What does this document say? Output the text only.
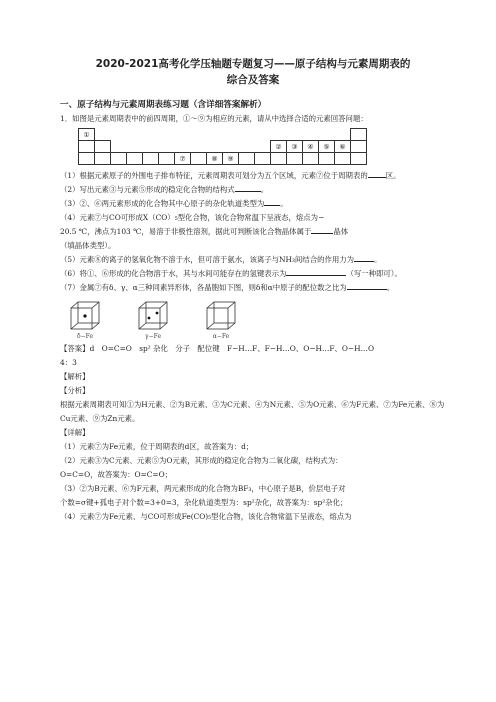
2020-2021高考化学压轴题专题复习——原子结构与元素周期表的
综合及答案
一、原子结构与元素周期表练习题（含详细答案解析）

1．如图是元素周期表中的前四周期，①～⑨为相应的元素，请从中选择合适的元素回答问题：

①																	
												②	③	④	⑤	⑥	
						⑦		⑧	⑨								

（1）根据元素原子的外围电子排布特征，元素周期表可划分为五个区域，元素⑦位于周期表的 区。

（2）写出元素③与元素⑤形成的稳定化合物的结构式	。

（3）②、⑥两元素形成的化合物其中心原子的杂化轨道类型为 。

（4）元素⑦与CO可形成X（CO）₅型化合物，该化合物常温下呈液态，熔点为−

20.5 ℃，沸点为103 ℃，易溶于非极性溶剂，据此可判断该化合物晶体属于	晶体

（填晶体类型）。

（5）元素⑧的离子的氢氧化物不溶于水，但可溶于氨水，该离子与NH₃间结合的作用力为	。

（6）将①、⑥形成的化合物溶于水，其与水间可能存在的氢键表示为	（写一种即可）。

（7）金属⑦有δ、γ、α三种同素异形体，各晶胞如下图，则δ和α中原子的配位数之比为	。

δ−Fe	γ−Fe	α−Fe

【答案】d　O=C=O　sp² 杂化　分子　配位键　F−H…F、F−H…O、O−H…F、O−H…O

4：3

【解析】

【分析】

根据元素周期表可知①为H元素、②为B元素、③为C元素、④为N元素、⑤为O元素、⑥为F元素、⑦为Fe元素、⑧为Cu元素、⑨为Zn元素。

【详解】

（1）元素⑦为Fe元素，位于周期表的d区，故答案为：d；

（2）元素③为C元素、元素⑤为O元素，其形成的稳定化合物为二氧化碳，结构式为：

O=C=O，故答案为：O=C=O；

（3）②为B元素、⑥为F元素，两元素形成的化合物为BF₃，中心原子是B，价层电子对

个数=σ键+孤电子对个数=3+0=3，杂化轨道类型为：sp²杂化，故答案为：sp²杂化；

（4）元素⑦为Fe元素、与CO可形成Fe(CO)₅型化合物，该化合物常温下呈液态，熔点为
